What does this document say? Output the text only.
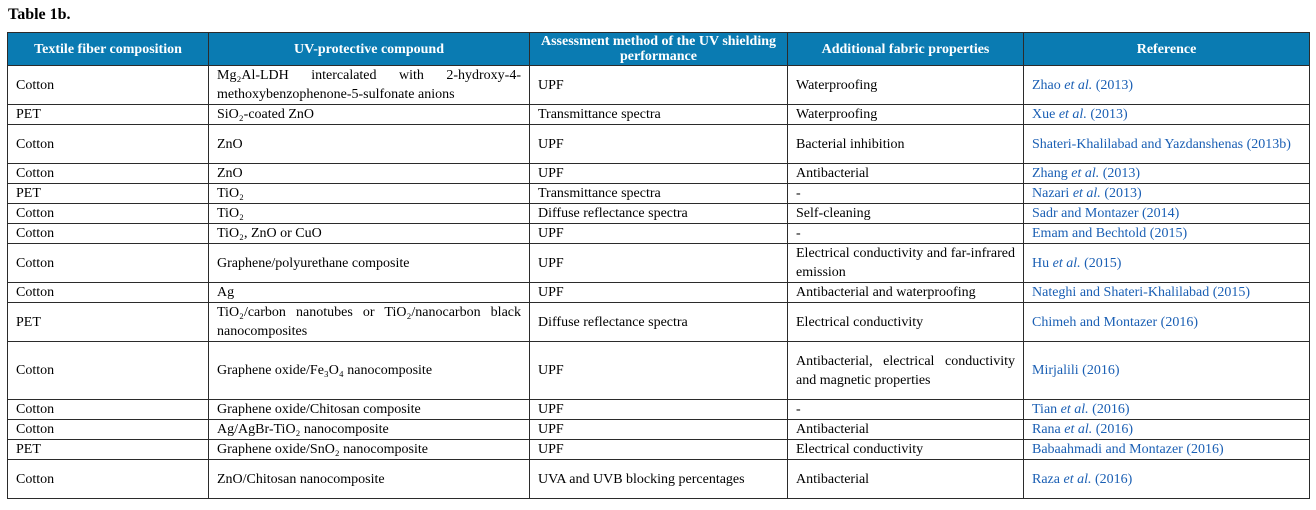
Table 1b.
Textile fiber composition	UV-protective compound	Assessment method of the UV shielding performance	Additional fabric properties	Reference
Cotton	Mg₂Al-LDH intercalated with 2-hydroxy-4-methoxybenzophenone-5-sulfonate anions	UPF	Waterproofing	Zhao et al. (2013)
PET	SiO₂-coated ZnO	Transmittance spectra	Waterproofing	Xue et al. (2013)
Cotton	ZnO	UPF	Bacterial inhibition	Shateri-Khalilabad and Yazdanshenas (2013b)
Cotton	ZnO	UPF	Antibacterial	Zhang et al. (2013)
PET	TiO₂	Transmittance spectra	-	Nazari et al. (2013)
Cotton	TiO₂	Diffuse reflectance spectra	Self-cleaning	Sadr and Montazer (2014)
Cotton	TiO₂, ZnO or CuO	UPF	-	Emam and Bechtold (2015)
Cotton	Graphene/polyurethane composite	UPF	Electrical conductivity and far-infrared emission	Hu et al. (2015)
Cotton	Ag	UPF	Antibacterial and waterproofing	Nateghi and Shateri-Khalilabad (2015)
PET	TiO₂/carbon nanotubes or TiO₂/nanocarbon black nanocomposites	Diffuse reflectance spectra	Electrical conductivity	Chimeh and Montazer (2016)
Cotton	Graphene oxide/Fe₃O₄ nanocomposite	UPF	Antibacterial, electrical conductivity and magnetic properties	Mirjalili (2016)
Cotton	Graphene oxide/Chitosan composite	UPF	-	Tian et al. (2016)
Cotton	Ag/AgBr-TiO₂ nanocomposite	UPF	Antibacterial	Rana et al. (2016)
PET	Graphene oxide/SnO₂ nanocomposite	UPF	Electrical conductivity	Babaahmadi and Montazer (2016)
Cotton	ZnO/Chitosan nanocomposite	UVA and UVB blocking percentages	Antibacterial	Raza et al. (2016)
